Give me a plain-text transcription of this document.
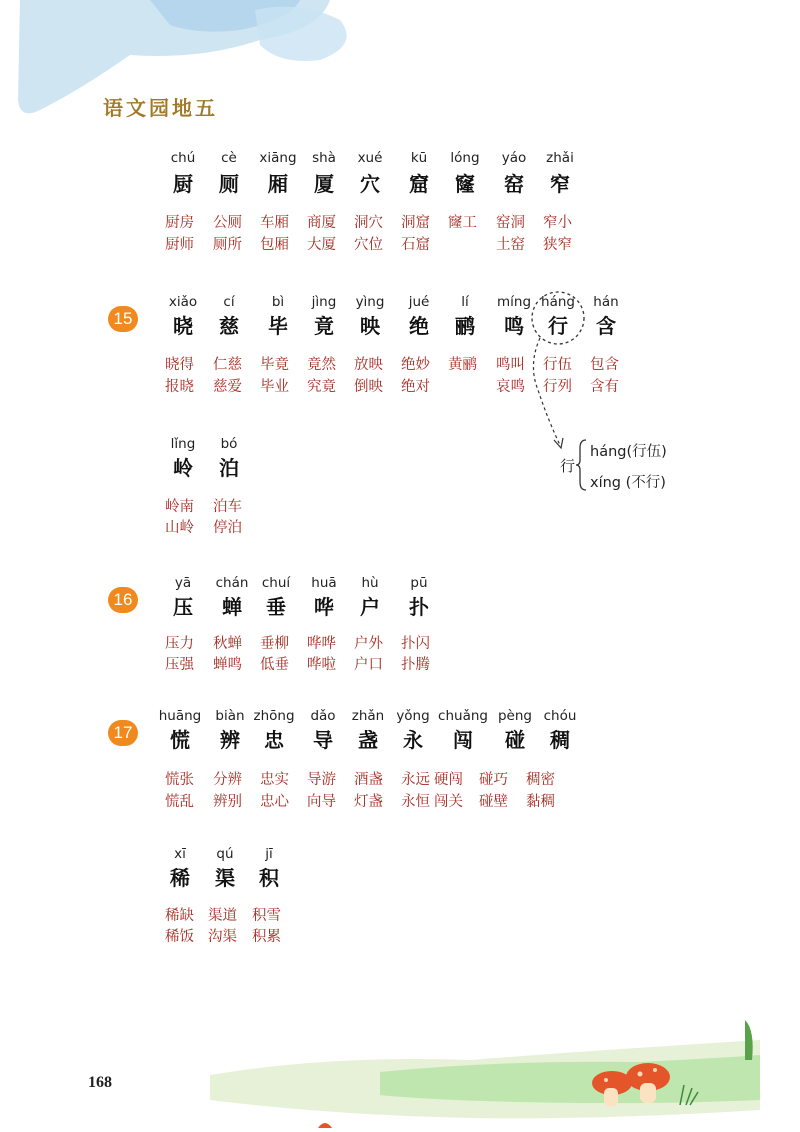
语文园地五
chú
厨
cè
厕
xiāng
厢
shà
厦
xué
穴
kū
窟
lóng
窿
yáo
窑
zhǎi
窄
厨房
厨师
公厕
厕所
车厢
包厢
商厦
大厦
洞穴
穴位
洞窟
石窟
窿工 窑洞
土窑
窄小
狭窄
15
xiǎo
晓
cí
慈
bì
毕
jìng
竟
yìng
映
jué
绝
lí
鹂
míng
鸣
háng
行
hán
含
晓得
报晓
仁慈
慈爱
毕竟
毕业
竟然
究竟
放映
倒映
绝妙
绝对
黄鹂 鸣叫
哀鸣
行伍
行列
包含
含有
行
háng(行伍)
xíng (不行)
lǐng
岭
bó
泊
岭南
山岭
泊车
停泊
16
yā
压
chán
蝉
chuí
垂
huā
哗
hù
户
pū
扑
压力
压强
秋蝉
蝉鸣
垂柳
低垂
哗哗
哗啦
户外
户口
扑闪
扑腾
17
huāng
慌
biàn
辨
zhōng
忠
dǎo
导
zhǎn
盏
yǒng
永
chuǎng
闯
pèng
碰
chóu
稠
慌张
慌乱
分辨
辨别
忠实
忠心
导游
向导
酒盏
灯盏
永远
永恒
硬闯
闯关
碰巧
碰壁
稠密
黏稠
xī
稀
qú
渠
jī
积
稀缺
稀饭
渠道
沟渠
积雪
积累
168
